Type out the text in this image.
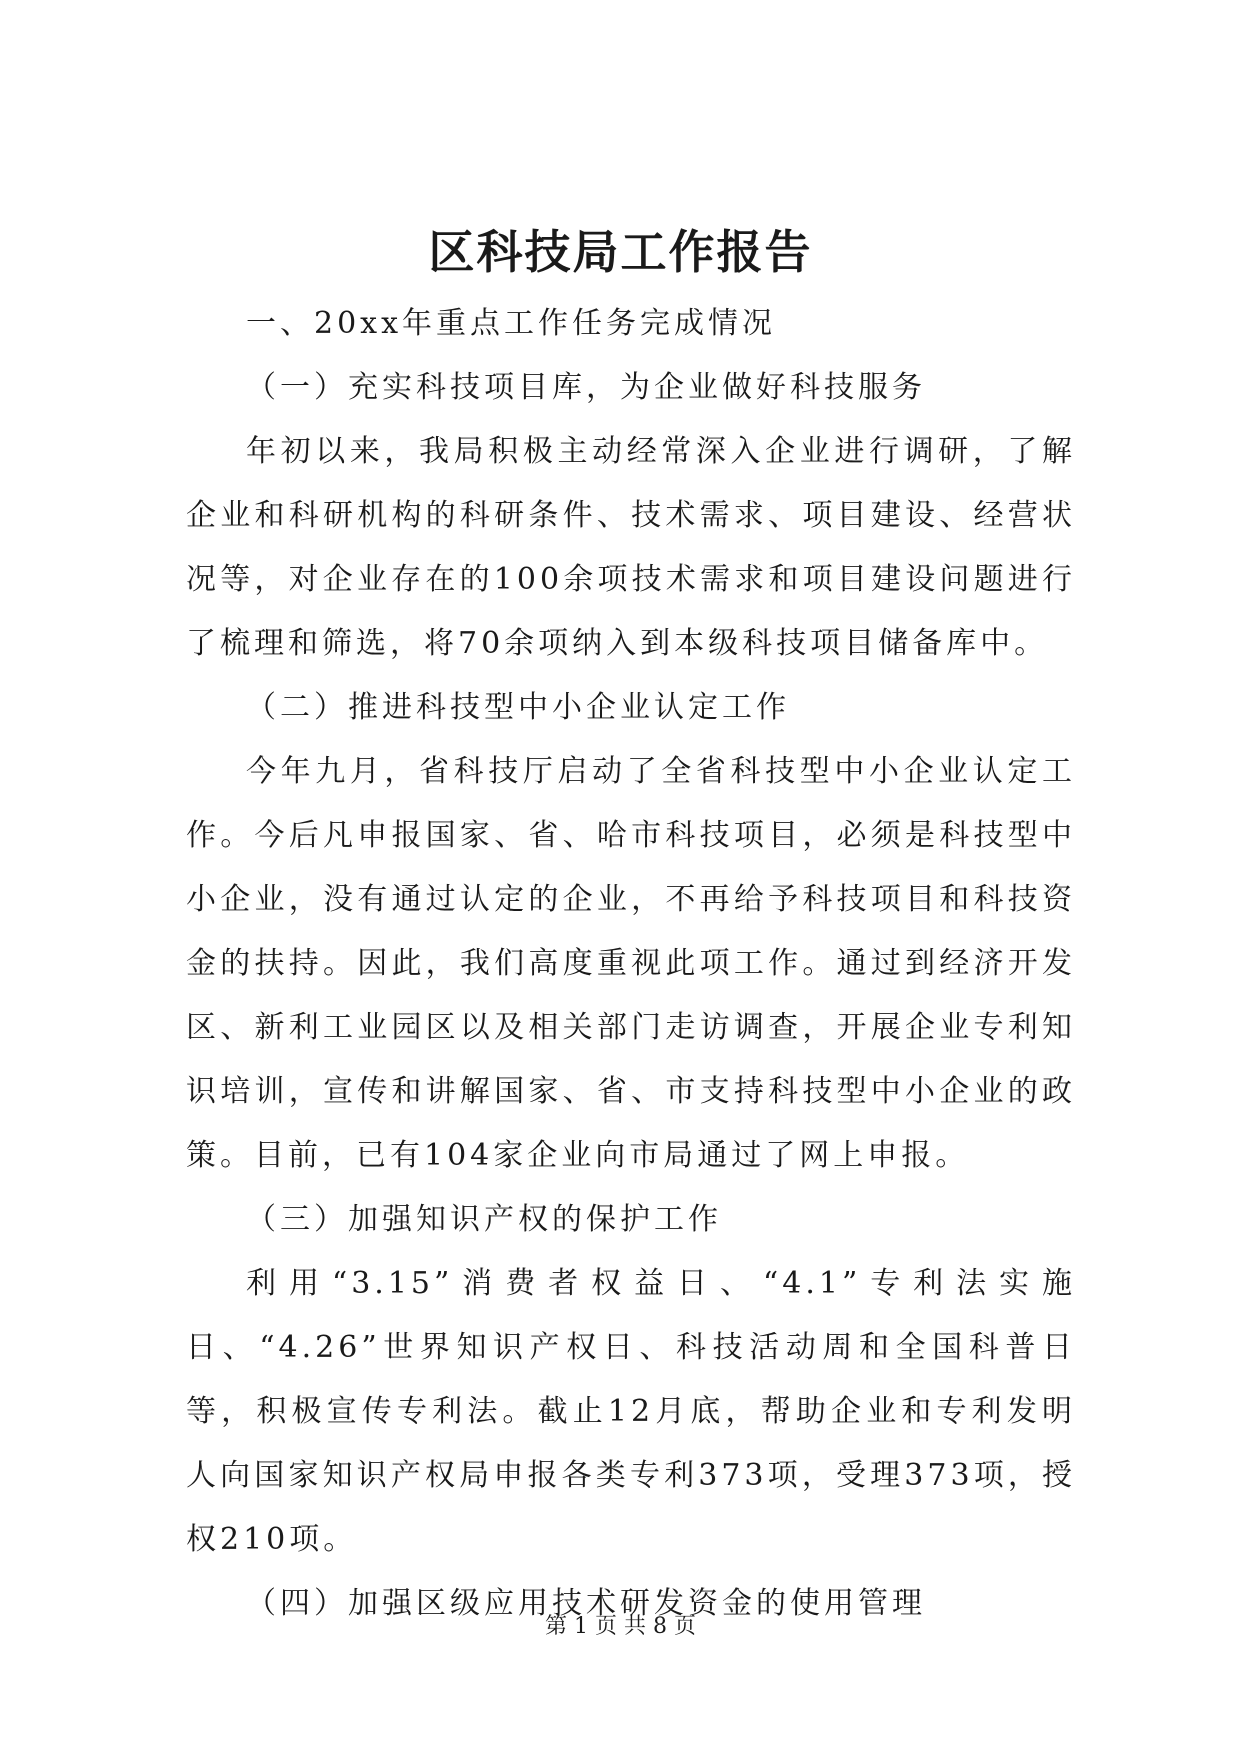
区科技局工作报告

一、20xx年重点工作任务完成情况

（一）充实科技项目库，为企业做好科技服务

年初以来，我局积极主动经常深入企业进行调研，了解企业和科研机构的科研条件、技术需求、项目建设、经营状况等，对企业存在的100余项技术需求和项目建设问题进行了梳理和筛选，将70余项纳入到本级科技项目储备库中。

（二）推进科技型中小企业认定工作

今年九月，省科技厅启动了全省科技型中小企业认定工作。今后凡申报国家、省、哈市科技项目，必须是科技型中小企业，没有通过认定的企业，不再给予科技项目和科技资金的扶持。因此，我们高度重视此项工作。通过到经济开发区、新利工业园区以及相关部门走访调查，开展企业专利知识培训，宣传和讲解国家、省、市支持科技型中小企业的政策。目前，已有104家企业向市局通过了网上申报。

（三）加强知识产权的保护工作

利用“3.15”消费者权益日、“4.1”专利法实施日、“4.26”世界知识产权日、科技活动周和全国科普日等，积极宣传专利法。截止12月底，帮助企业和专利发明人向国家知识产权局申报各类专利373项，受理373项，授权210项。

（四）加强区级应用技术研发资金的使用管理

第 1 页 共 8 页
